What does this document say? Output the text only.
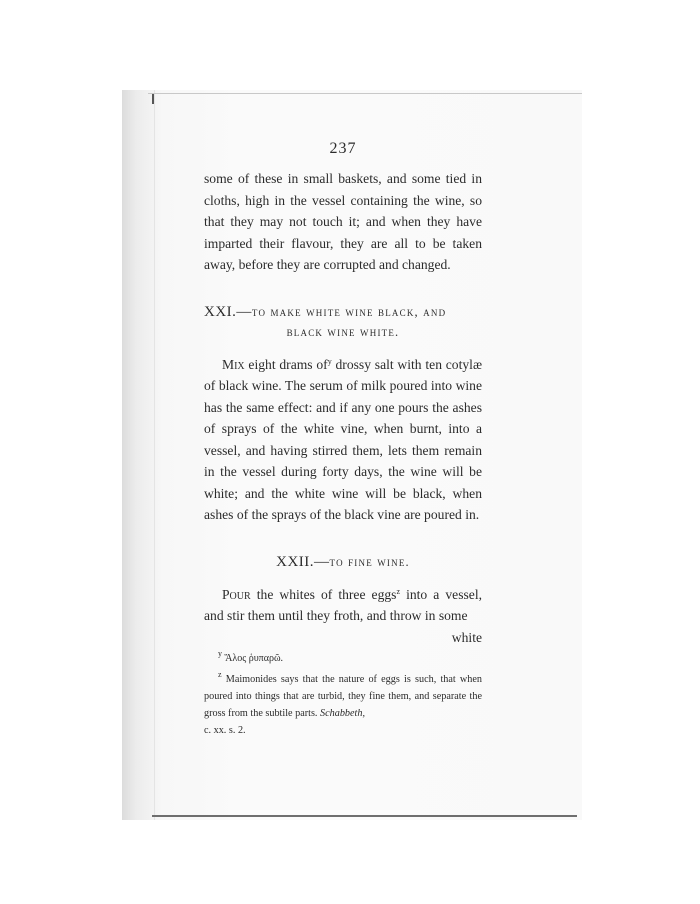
237

some of these in small baskets, and some tied in cloths, high in the vessel containing the wine, so that they may not touch it; and when they have imparted their flavour, they are all to be taken away, before they are corrupted and changed.

XXI.—to make white wine black, and
black wine white.

Mix eight drams $of^y$ drossy salt with ten cotylæ of black wine. The serum of milk poured into wine has the same effect: and if any one pours the ashes of sprays of the white vine, when burnt, into a vessel, and having stirred them, lets them remain in the vessel during forty days, the wine will be white; and the white wine will be black, when ashes of the sprays of the black vine are poured in.

XXII.—to fine wine.

Pour the whites of three eggs$^z$ into a vessel, and stir them until they froth, and throw in some

white

$^y$ Ἅλος ῥυπαρῶ.

$^z$ Maimonides says that the nature of eggs is such, that when poured into things that are turbid, they fine them, and separate the gross from the subtile parts. Schabbeth,
c. xx. s. 2.
